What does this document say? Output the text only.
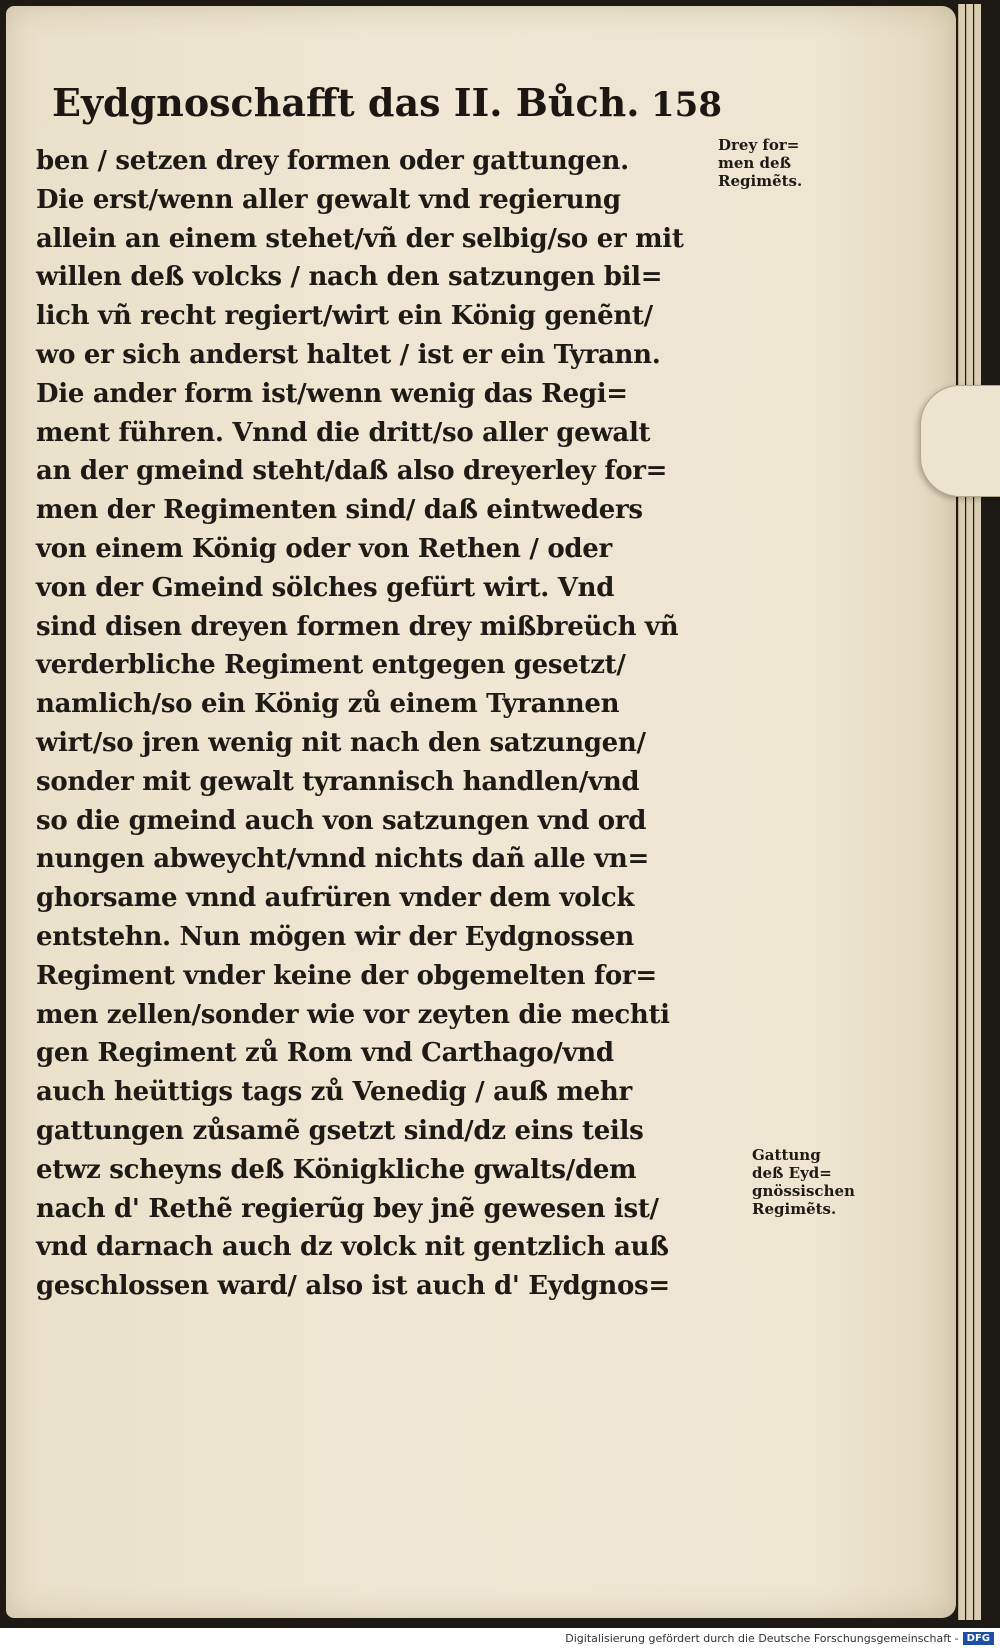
Eydgnoschafft das II. Bůch. 158
ben / setzen drey formen oder gattungen.
Die erst/wenn aller gewalt vnd regierung
allein an einem stehet/vñ der selbig/so er mit
willen deß volcks / nach den satzungen bil=
lich vñ recht regiert/wirt ein König genẽnt/
wo er sich anderst haltet / ist er ein Tyrann.
Die ander form ist/wenn wenig das Regi=
ment führen. Vnnd die dritt/so aller gewalt
an der gmeind steht/daß also dreyerley for=
men der Regimenten sind/ daß eintweders
von einem König oder von Rethen / oder
von der Gmeind sölches gefürt wirt. Vnd
sind disen dreyen formen drey mißbreüch vñ
verderbliche Regiment entgegen gesetzt/
namlich/so ein König zů einem Tyrannen
wirt/so jren wenig nit nach den satzungen/
sonder mit gewalt tyrannisch handlen/vnd
so die gmeind auch von satzungen vnd ord
nungen abweycht/vnnd nichts dañ alle vn=
ghorsame vnnd aufrüren vnder dem volck
entstehn. Nun mögen wir der Eydgnossen
Regiment vnder keine der obgemelten for=
men zellen/sonder wie vor zeyten die mechti
gen Regiment zů Rom vnd Carthago/vnd
auch heüttigs tags zů Venedig / auß mehr
gattungen zůsamẽ gsetzt sind/dz eins teils
etwz scheyns deß Königkliche gwalts/dem
nach d' Rethẽ regierũg bey jnẽ gewesen ist/
vnd darnach auch dz volck nit gentzlich auß
geschlossen ward/ also ist auch d' Eydgnos=
Drey for=
men deß
Regimẽts.
Gattung
deß Eyd=
gnössischen
Regimẽts.
Digitalisierung gefördert durch die Deutsche Forschungsgemeinschaft - DFG
